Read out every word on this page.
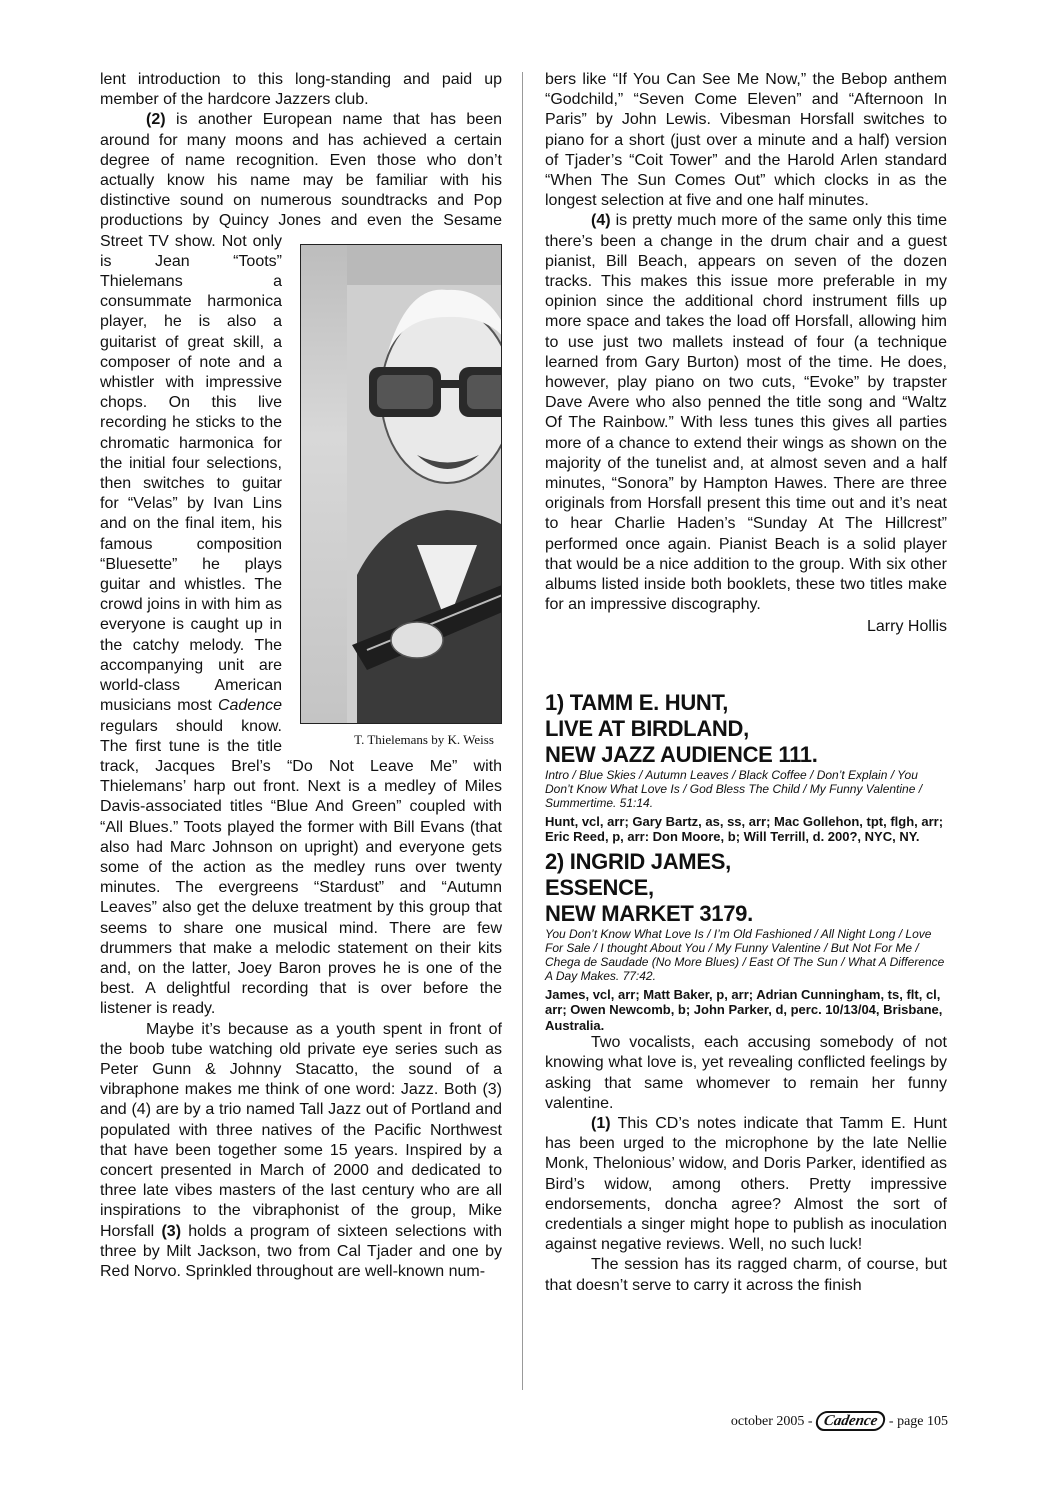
lent introduction to this long-standing and paid up member of the hardcore Jazzers club.

(2) is another European name that has been around for many moons and has achieved a certain degree of name recognition. Even those who don’t actually know his name may be familiar with his distinctive sound on numerous soundtracks and Pop productions by Quincy Jones and even
T. Thielemans by K. Weiss
the Sesame Street TV show. Not only is Jean “Toots” Thielemans a consummate harmonica player, he is also a guitarist of great skill, a composer of note and a whistler with impressive chops. On this live recording he sticks to the chromatic harmonica for the initial four selections, then switches to guitar for “Velas” by Ivan Lins and on the final item, his famous composition “Bluesette” he plays guitar and whistles. The crowd joins in with him as everyone is caught up in the catchy melody. The accompanying unit are world-class American musicians most Cadence regulars should know. The first tune is the title track, Jacques Brel’s “Do Not Leave Me” with Thielemans’ harp out front. Next is a medley of Miles Davis-associated titles “Blue And Green” coupled with “All Blues.” Toots played the former with Bill Evans (that also had Marc Johnson on upright) and everyone gets some of the action as the medley runs over twenty minutes. The evergreens “Stardust” and “Autumn Leaves” also get the deluxe treatment by this group that seems to share one musical mind. There are few drummers that make a melodic statement on their kits and, on the latter, Joey Baron proves he is one of the best. A delightful recording that is over before the listener is ready.

Maybe it’s because as a youth spent in front of the boob tube watching old private eye series such as Peter Gunn & Johnny Stacatto, the sound of a vibraphone makes me think of one word: Jazz. Both (3) and (4) are by a trio named Tall Jazz out of Portland and populated with three natives of the Pacific Northwest that have been together some 15 years. Inspired by a concert presented in March of 2000 and dedicated to three late vibes masters of the last century who are all inspirations to the vibraphonist of the group, Mike Horsfall (3) holds a program of sixteen selections with three by Milt Jackson, two from Cal Tjader and one by Red Norvo. Sprinkled throughout are well-known num-

bers like “If You Can See Me Now,” the Bebop anthem “Godchild,” “Seven Come Eleven” and “Afternoon In Paris” by John Lewis. Vibesman Horsfall switches to piano for a short (just over a minute and a half) version of Tjader’s “Coit Tower” and the Harold Arlen standard “When The Sun Comes Out” which clocks in as the longest selection at five and one half minutes.

(4) is pretty much more of the same only this time there’s been a change in the drum chair and a guest pianist, Bill Beach, appears on seven of the dozen tracks. This makes this issue more preferable in my opinion since the additional chord instrument fills up more space and takes the load off Horsfall, allowing him to use just two mallets instead of four (a technique learned from Gary Burton) most of the time. He does, however, play piano on two cuts, “Evoke” by trapster Dave Avere who also penned the title song and “Waltz Of The Rainbow.” With less tunes this gives all parties more of a chance to extend their wings as shown on the majority of the tunelist and, at almost seven and a half minutes, “Sonora” by Hampton Hawes. There are three originals from Horsfall present this time out and it’s neat to hear Charlie Haden’s “Sunday At The Hillcrest” performed once again. Pianist Beach is a solid player that would be a nice addition to the group. With six other albums listed inside both booklets, these two titles make for an impressive discography.

Larry Hollis

1) TAMM E. HUNT,
LIVE AT BIRDLAND,
NEW JAZZ AUDIENCE 111.
Intro / Blue Skies / Autumn Leaves / Black Coffee / Don’t Explain / You Don’t Know What Love Is / God Bless The Child / My Funny Valentine / Summertime. 51:14.
Hunt, vcl, arr; Gary Bartz, as, ss, arr; Mac Gollehon, tpt, flgh, arr; Eric Reed, p, arr: Don Moore, b; Will Terrill, d. 200?, NYC, NY.
2) INGRID JAMES,
ESSENCE,
NEW MARKET 3179.
You Don’t Know What Love Is / I’m Old Fashioned / All Night Long / Love For Sale / I thought About You / My Funny Valentine / But Not For Me / Chega de Saudade (No More Blues) / East Of The Sun / What A Difference A Day Makes. 77:42.
James, vcl, arr; Matt Baker, p, arr; Adrian Cunningham, ts, flt, cl, arr; Owen Newcomb, b; John Parker, d, perc. 10/13/04, Brisbane, Australia.

Two vocalists, each accusing somebody of not knowing what love is, yet revealing conflicted feelings by asking that same whomever to remain her funny valentine.

(1) This CD’s notes indicate that Tamm E. Hunt has been urged to the microphone by the late Nellie Monk, Thelonious’ widow, and Doris Parker, identified as Bird’s widow, among others. Pretty impressive endorsements, doncha agree? Almost the sort of credentials a singer might hope to publish as inoculation against negative reviews. Well, no such luck!

The session has its ragged charm, of course, but that doesn’t serve to carry it across the finish

october 2005 - Cadence - page 105
